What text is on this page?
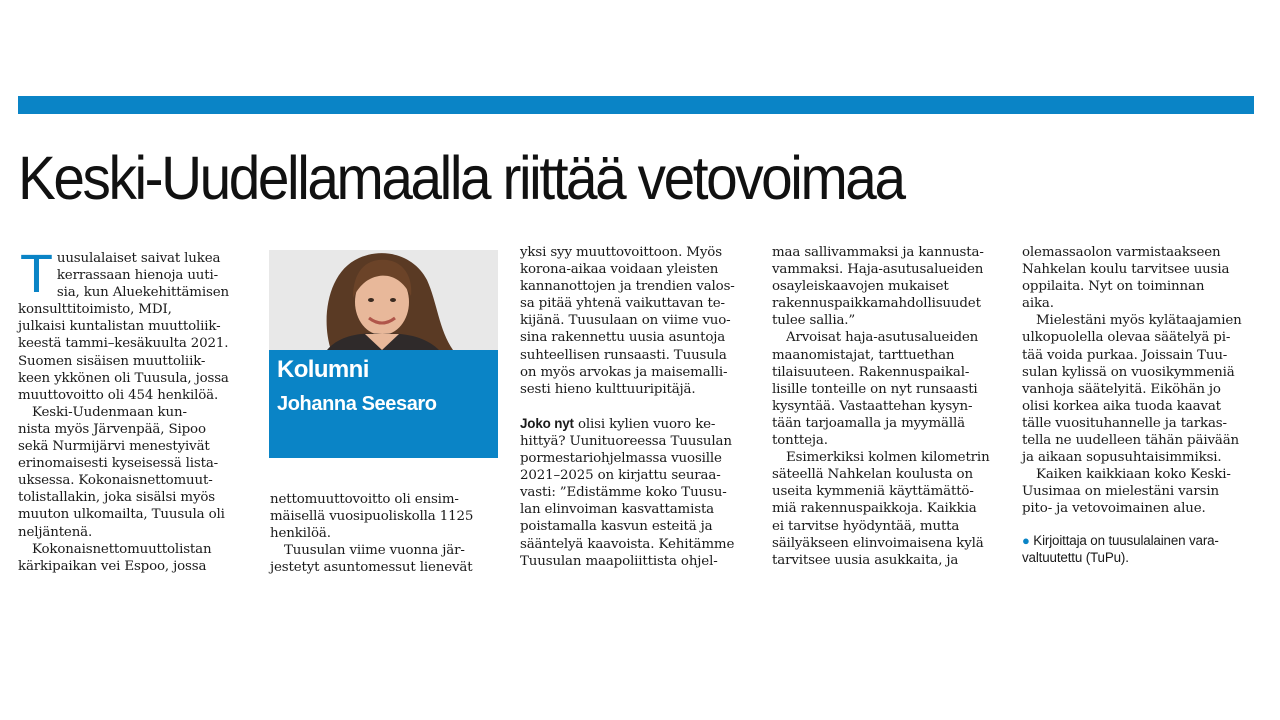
Keski-Uudellamaalla riittää vetovoimaa

Tuusulalaiset saivat lukea
kerrassaan hienoja uuti-
sia, kun Aluekehittämisen
konsulttitoimisto, MDI,
julkaisi kuntalistan muuttoliik-
keestä tammi–kesäkuulta 2021.
Suomen sisäisen muuttoliik-
keen ykkönen oli Tuusula, jossa
muuttovoitto oli 454 henkilöä.

Keski-Uudenmaan kun-
nista myös Järvenpää, Sipoo
sekä Nurmijärvi menestyivät
erinomaisesti kyseisessä lista-
uksessa. Kokonaisnettomuut-
tolistallakin, joka sisälsi myös
muuton ulkomailta, Tuusula oli
neljäntenä.

Kokonaisnettomuuttolistan
kärkipaikan vei Espoo, jossa

Kolumni
Johanna Seesaro

nettomuuttovoitto oli ensim-
mäisellä vuosipuoliskolla 1125
henkilöä.

Tuusulan viime vuonna jär-
jestetyt asuntomessut lienevät

yksi syy muuttovoittoon. Myös
korona-aikaa voidaan yleisten
kannanottojen ja trendien valos-
sa pitää yhtenä vaikuttavan te-
kijänä. Tuusulaan on viime vuo-
sina rakennettu uusia asuntoja
suhteellisen runsaasti. Tuusula
on myös arvokas ja maisemalli-
sesti hieno kulttuuripitäjä.

Joko nyt olisi kylien vuoro ke-
hittyä? Uunituoreessa Tuusulan
pormestariohjelmassa vuosille
2021–2025 on kirjattu seuraa-
vasti: ”Edistämme koko Tuusu-
lan elinvoiman kasvattamista
poistamalla kasvun esteitä ja
sääntelyä kaavoista. Kehitämme
Tuusulan maapoliittista ohjel-

maa sallivammaksi ja kannusta-
vammaksi. Haja-asutusalueiden
osayleiskaavojen mukaiset
rakennuspaikkamahdollisuudet
tulee sallia.”

Arvoisat haja-asutusalueiden
maanomistajat, tarttuethan
tilaisuuteen. Rakennuspaikal-
lisille tonteille on nyt runsaasti
kysyntää. Vastaattehan kysyn-
tään tarjoamalla ja myymällä
tontteja.

Esimerkiksi kolmen kilometrin
säteellä Nahkelan koulusta on
useita kymmeniä käyttämättö-
miä rakennuspaikkoja. Kaikkia
ei tarvitse hyödyntää, mutta
säilyäkseen elinvoimaisena kylä
tarvitsee uusia asukkaita, ja

olemassaolon varmistaakseen
Nahkelan koulu tarvitsee uusia
oppilaita. Nyt on toiminnan
aika.

Mielestäni myös kylätaajamien
ulkopuolella olevaa säätelyä pi-
tää voida purkaa. Joissain Tuu-
sulan kylissä on vuosikymmeniä
vanhoja säätelyitä. Eiköhän jo
olisi korkea aika tuoda kaavat
tälle vuosituhannelle ja tarkas-
tella ne uudelleen tähän päivään
ja aikaan sopusuhtaisimmiksi.

Kaiken kaikkiaan koko Keski-
Uusimaa on mielestäni varsin
pito- ja vetovoimainen alue.

● Kirjoittaja on tuusulalainen vara-
valtuutettu (TuPu).
